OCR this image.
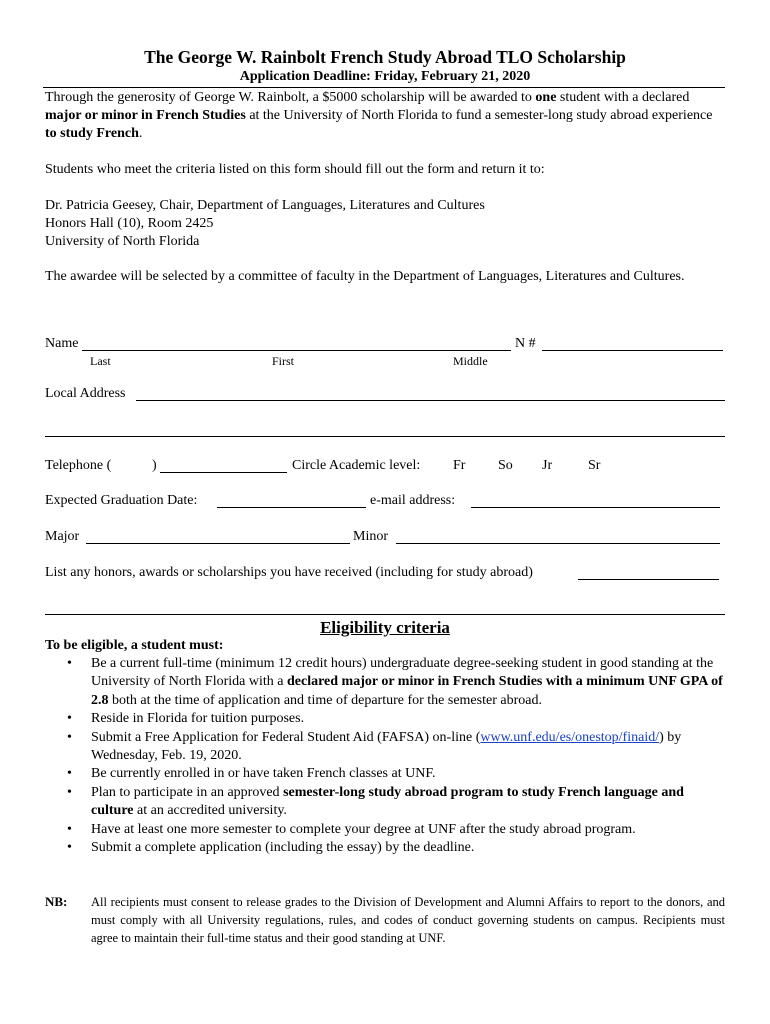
The George W. Rainbolt French Study Abroad TLO Scholarship
Application Deadline: Friday, February 21, 2020
Through the generosity of George W. Rainbolt, a $5000 scholarship will be awarded to one student with a declared major or minor in French Studies at the University of North Florida to fund a semester-long study abroad experience to study French.
Students who meet the criteria listed on this form should fill out the form and return it to:
Dr. Patricia Geesey, Chair, Department of Languages, Literatures and Cultures
Honors Hall (10), Room 2425
University of North Florida
The awardee will be selected by a committee of faculty in the Department of Languages, Literatures and Cultures.
Name	N #
Last	First	Middle
Local Address
Telephone (	)	Circle Academic level: Fr So Jr	Sr
Expected Graduation Date:	e-mail address:
Major	Minor
List any honors, awards or scholarships you have received (including for study abroad)
Eligibility criteria
To be eligible, a student must:
• Be a current full-time (minimum 12 credit hours) undergraduate degree-seeking student in good standing at the University of North Florida with a declared major or minor in French Studies with a minimum UNF GPA of 2.8 both at the time of application and time of departure for the semester abroad.
• Reside in Florida for tuition purposes.
• Submit a Free Application for Federal Student Aid (FAFSA) on-line (www.unf.edu/es/onestop/finaid/) by Wednesday, Feb. 19, 2020.
• Be currently enrolled in or have taken French classes at UNF.
• Plan to participate in an approved semester-long study abroad program to study French language and culture at an accredited university.
• Have at least one more semester to complete your degree at UNF after the study abroad program.
• Submit a complete application (including the essay) by the deadline.
NB: All recipients must consent to release grades to the Division of Development and Alumni Affairs to report to the donors, and must comply with all University regulations, rules, and codes of conduct governing students on campus. Recipients must agree to maintain their full-time status and their good standing at UNF.
